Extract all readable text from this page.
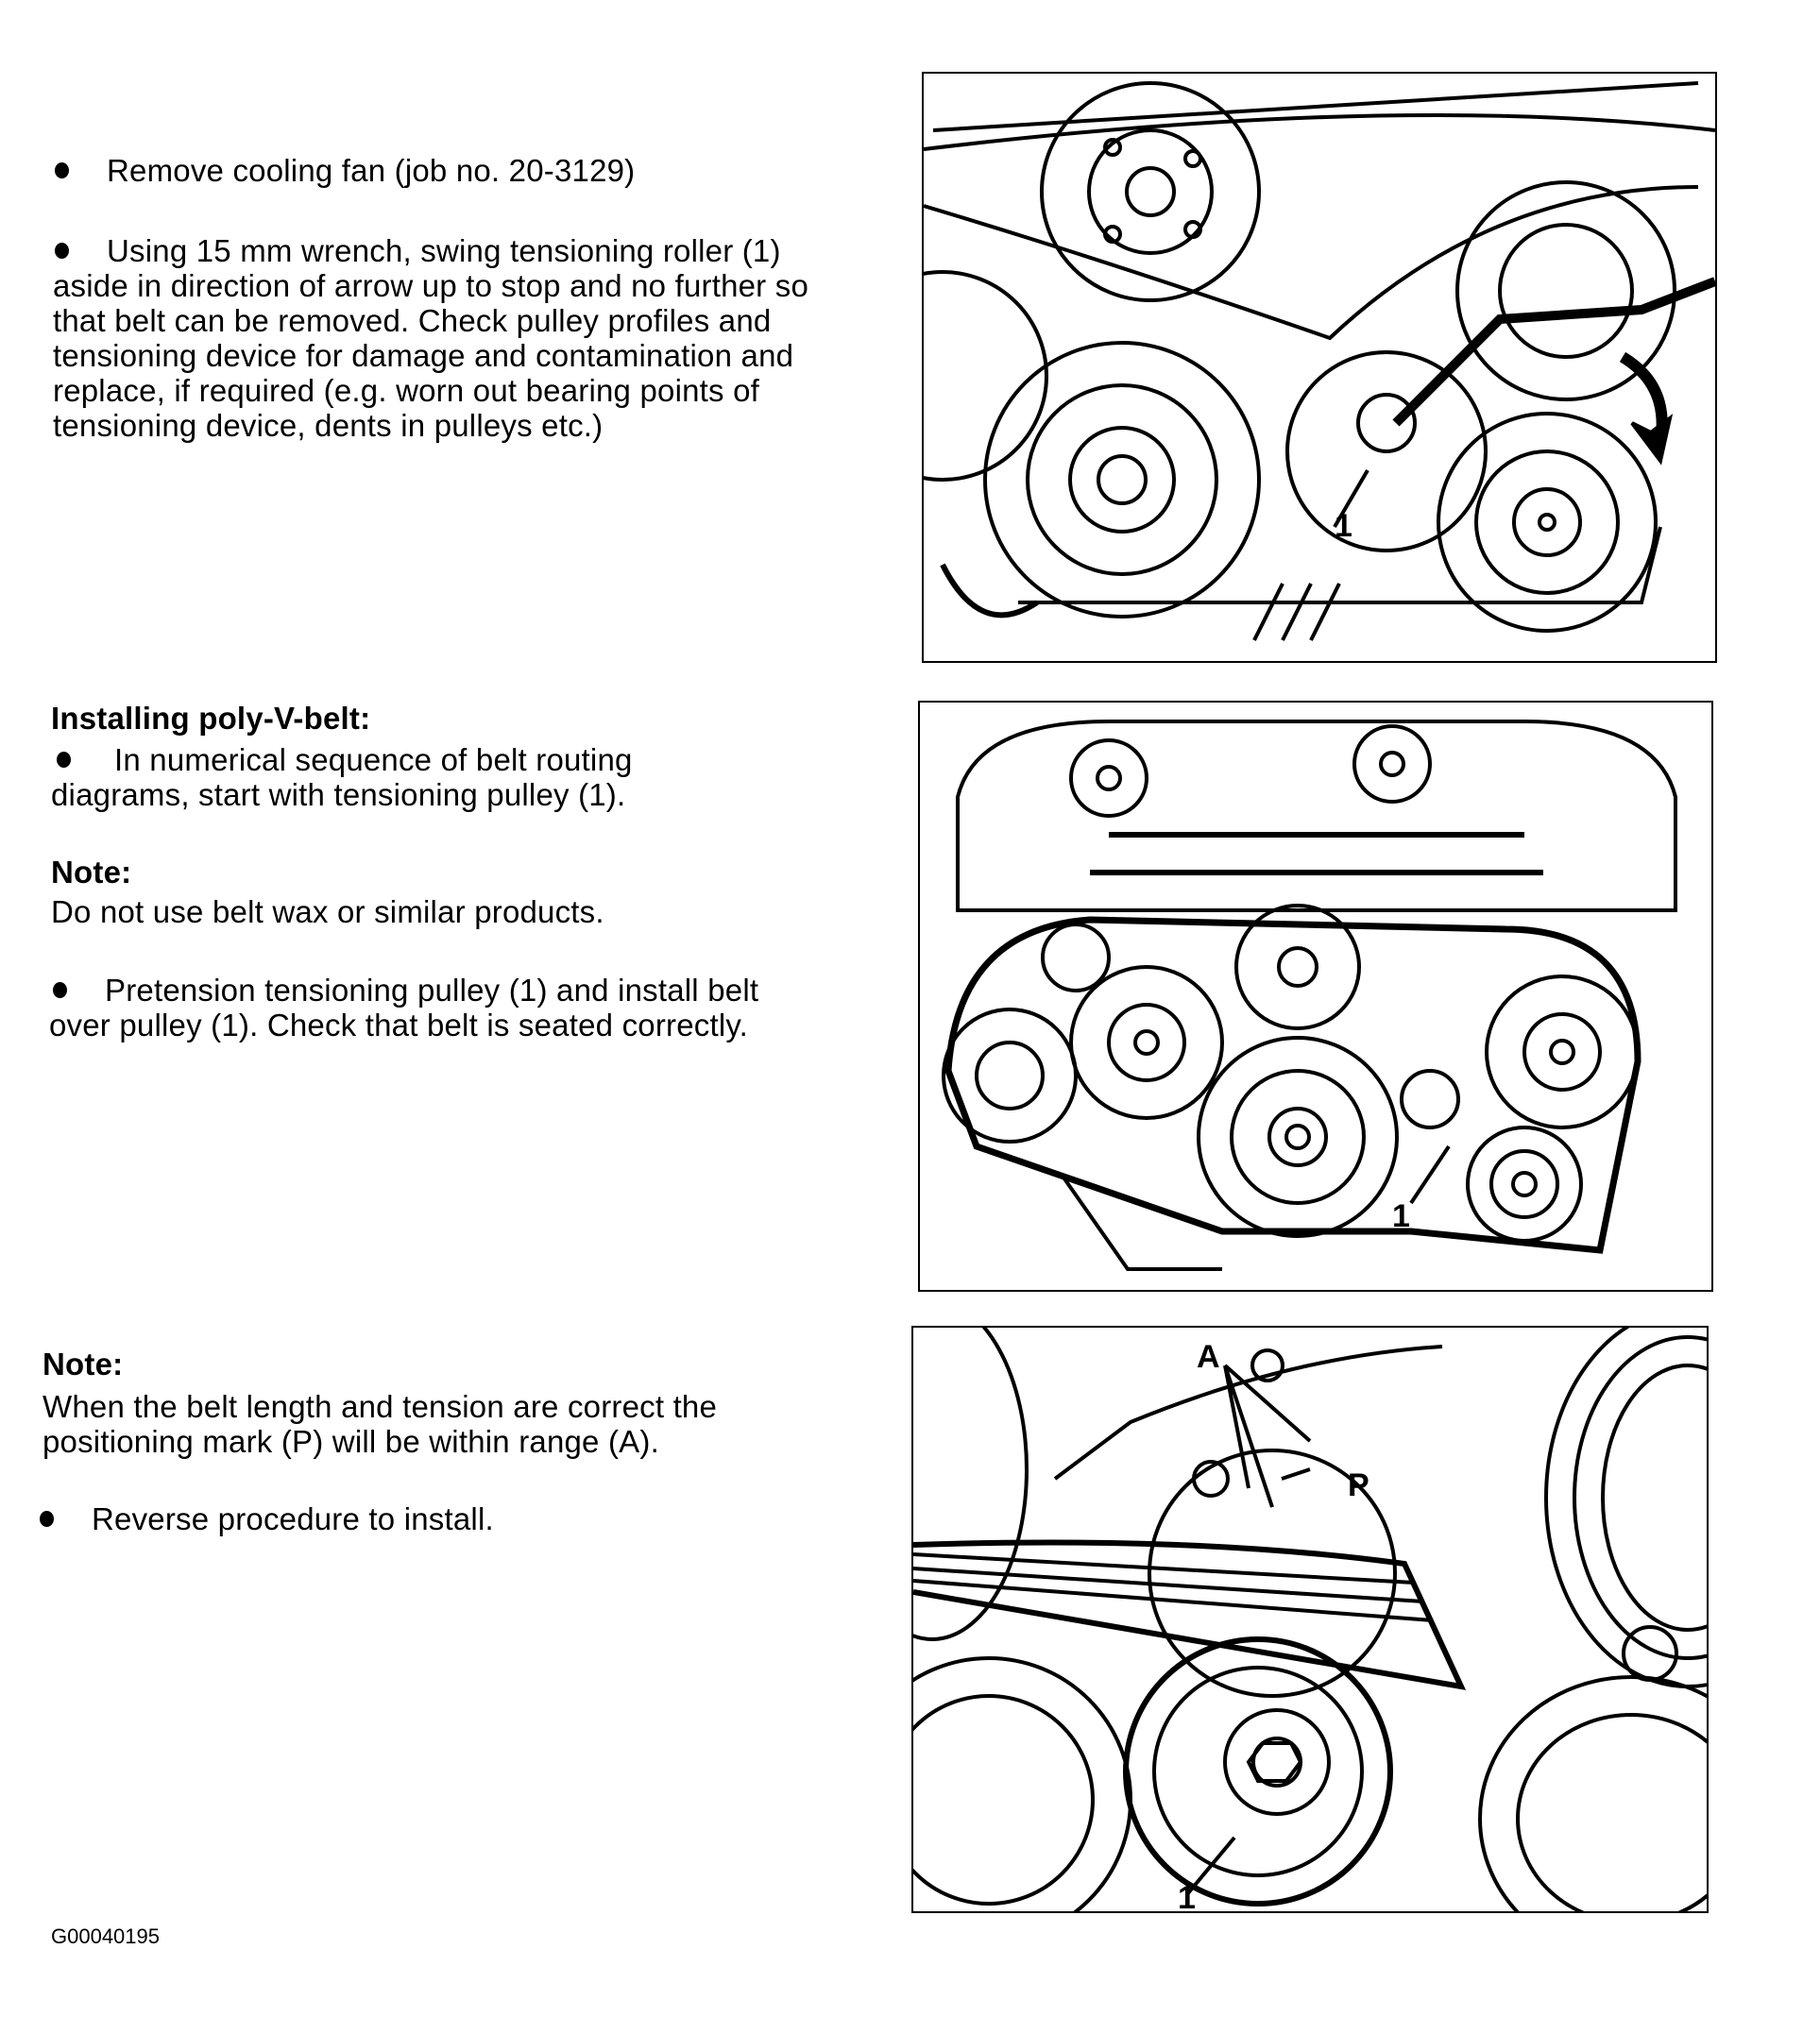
Remove cooling fan (job no. 20-3129)
Using 15 mm wrench, swing tensioning roller (1) aside in direction of arrow up to stop and no further so that belt can be removed. Check pulley profiles and tensioning device for damage and contamination and replace, if required (e.g. worn out bearing points of tensioning device, dents in pulleys etc.)
Installing poly-V-belt:
In numerical sequence of belt routing diagrams, start with tensioning pulley (1).
Note:
Do not use belt wax or similar products.
Pretension tensioning pulley (1) and install belt over pulley (1). Check that belt is seated correctly.
Note:
When the belt length and tension are correct the positioning mark (P) will be within range (A).
Reverse procedure to install.
G00040195
1
1
A
P
1
